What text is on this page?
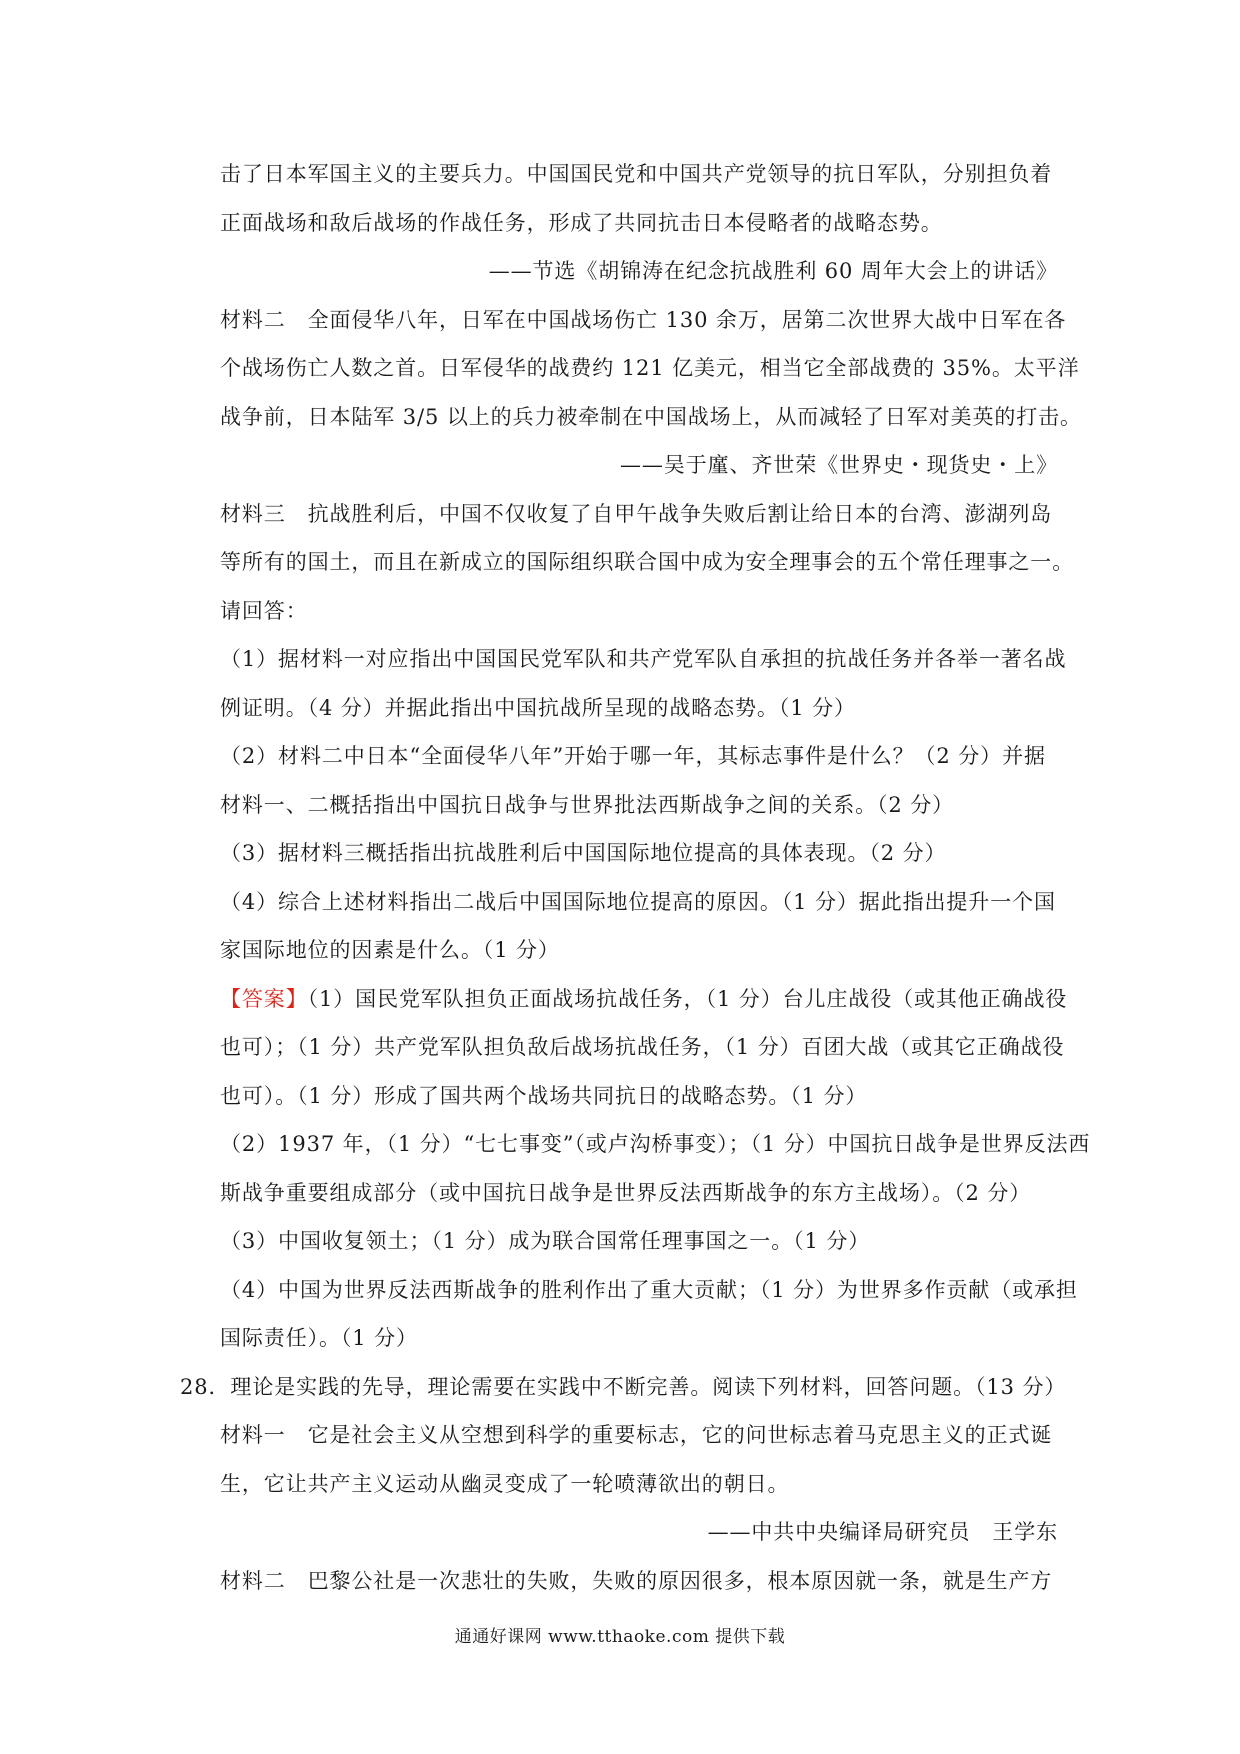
击了日本军国主义的主要兵力。中国国民党和中国共产党领导的抗日军队，分别担负着
正面战场和敌后战场的作战任务，形成了共同抗击日本侵略者的战略态势。
——节选《胡锦涛在纪念抗战胜利 60 周年大会上的讲话》
材料二　全面侵华八年，日军在中国战场伤亡 130 余万，居第二次世界大战中日军在各
个战场伤亡人数之首。日军侵华的战费约 121 亿美元，相当它全部战费的 35%。太平洋
战争前，日本陆军 3/5 以上的兵力被牵制在中国战场上，从而减轻了日军对美英的打击。
——吴于廑、齐世荣《世界史・现货史・上》
材料三　抗战胜利后，中国不仅收复了自甲午战争失败后割让给日本的台湾、澎湖列岛
等所有的国土，而且在新成立的国际组织联合国中成为安全理事会的五个常任理事之一。
请回答：
（1）据材料一对应指出中国国民党军队和共产党军队自承担的抗战任务并各举一著名战
例证明。（4 分）并据此指出中国抗战所呈现的战略态势。（1 分）
（2）材料二中日本“全面侵华八年”开始于哪一年，其标志事件是什么？（2 分）并据
材料一、二概括指出中国抗日战争与世界批法西斯战争之间的关系。（2 分）
（3）据材料三概括指出抗战胜利后中国国际地位提高的具体表现。（2 分）
（4）综合上述材料指出二战后中国国际地位提高的原因。（1 分）据此指出提升一个国
家国际地位的因素是什么。（1 分）
【答案】（1）国民党军队担负正面战场抗战任务，（1 分）台儿庄战役（或其他正确战役
也可）；（1 分）共产党军队担负敌后战场抗战任务，（1 分）百团大战（或其它正确战役
也可）。（1 分）形成了国共两个战场共同抗日的战略态势。（1 分）
（2）1937 年，（1 分）“七七事变”（或卢沟桥事变）；（1 分）中国抗日战争是世界反法西
斯战争重要组成部分（或中国抗日战争是世界反法西斯战争的东方主战场）。（2 分）
（3）中国收复领土；（1 分）成为联合国常任理事国之一。（1 分）
（4）中国为世界反法西斯战争的胜利作出了重大贡献；（1 分）为世界多作贡献（或承担
国际责任）。（1 分）
28．理论是实践的先导，理论需要在实践中不断完善。阅读下列材料，回答问题。（13 分）
材料一　它是社会主义从空想到科学的重要标志，它的问世标志着马克思主义的正式诞
生，它让共产主义运动从幽灵变成了一轮喷薄欲出的朝日。
——中共中央编译局研究员　王学东
材料二　巴黎公社是一次悲壮的失败，失败的原因很多，根本原因就一条，就是生产方
通通好课网 www.tthaoke.com 提供下载
